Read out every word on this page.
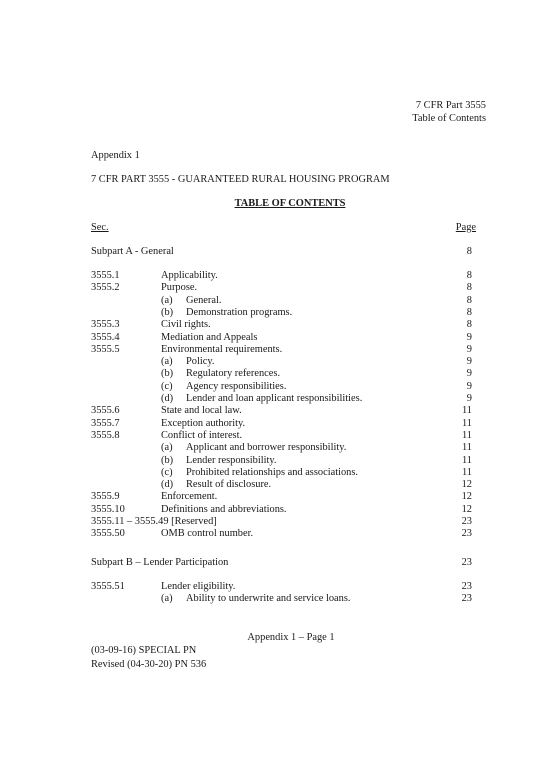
7 CFR Part 3555
Table of Contents
Appendix 1
7 CFR PART 3555 - GUARANTEED RURAL HOUSING PROGRAM
TABLE OF CONTENTS
Sec.	Page
Subpart A - General	8
3555.1	Applicability.	8
3555.2	Purpose.	8
(a) General.	8
(b) Demonstration programs.	8
3555.3	Civil rights.	8
3555.4	Mediation and Appeals	9
3555.5	Environmental requirements.	9
(a) Policy.	9
(b) Regulatory references.	9
(c) Agency responsibilities.	9
(d) Lender and loan applicant responsibilities.	9
3555.6	State and local law.	11
3555.7	Exception authority.	11
3555.8	Conflict of interest.	11
(a) Applicant and borrower responsibility.	11
(b) Lender responsibility.	11
(c) Prohibited relationships and associations.	11
(d) Result of disclosure.	12
3555.9	Enforcement.	12
3555.10	Definitions and abbreviations.	12
3555.11 – 3555.49 [Reserved]	23
3555.50	OMB control number.	23
Subpart B – Lender Participation	23
3555.51	Lender eligibility.	23
(a) Ability to underwrite and service loans.	23
Appendix 1 – Page 1
(03-09-16) SPECIAL PN
Revised (04-30-20) PN 536
